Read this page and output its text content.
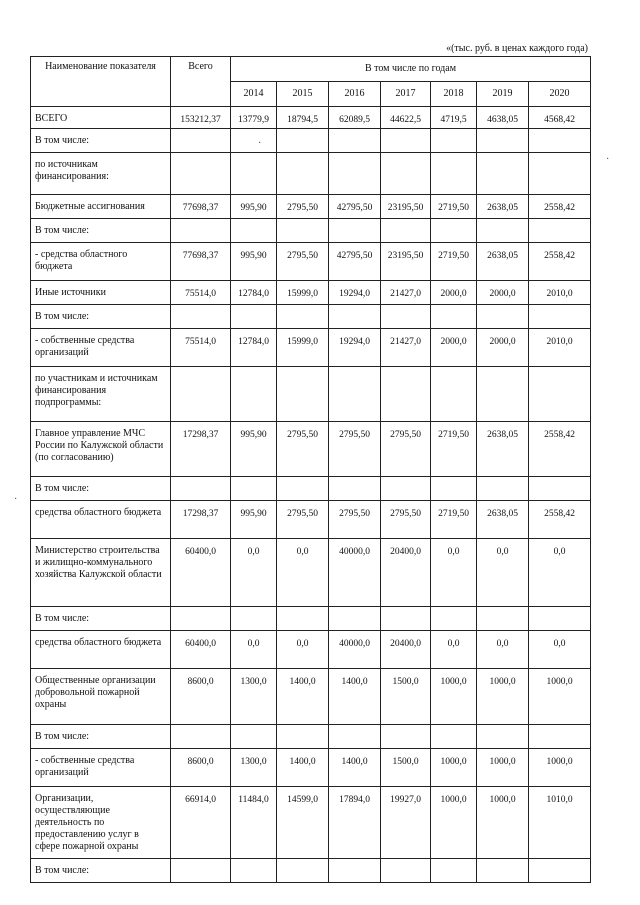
«(тыс. руб. в ценах каждого года)
Наименование показателя	Всего	В том числе по годам						
		2014	2015	2016	2017	2018	2019	2020
ВСЕГО	153212,37	13779,9	18794,5	62089,5	44622,5	4719,5	4638,05	4568,42
В том числе:								
по источникам финансирования:								
Бюджетные ассигнования	77698,37	995,90	2795,50	42795,50	23195,50	2719,50	2638,05	2558,42
В том числе:								
- средства областного бюджета	77698,37	995,90	2795,50	42795,50	23195,50	2719,50	2638,05	2558,42
Иные источники	75514,0	12784,0	15999,0	19294,0	21427,0	2000,0	2000,0	2010,0
В том числе:								
- собственные средства организаций	75514,0	12784,0	15999,0	19294,0	21427,0	2000,0	2000,0	2010,0
по участникам и источникам финансирования подпрограммы:								
Главное управление МЧС России по Калужской области (по согласованию)	17298,37	995,90	2795,50	2795,50	2795,50	2719,50	2638,05	2558,42
В том числе:								
средства областного бюджета	17298,37	995,90	2795,50	2795,50	2795,50	2719,50	2638,05	2558,42
Министерство строительства и жилищно-коммунального хозяйства Калужской области	60400,0	0,0	0,0	40000,0	20400,0	0,0	0,0	0,0
В том числе:								
средства областного бюджета	60400,0	0,0	0,0	40000,0	20400,0	0,0	0,0	0,0
Общественные организации добровольной пожарной охраны	8600,0	1300,0	1400,0	1400,0	1500,0	1000,0	1000,0	1000,0
В том числе:								
- собственные средства организаций	8600,0	1300,0	1400,0	1400,0	1500,0	1000,0	1000,0	1000,0
Организации, осуществляющие деятельность по предоставлению услуг в сфере пожарной охраны	66914,0	11484,0	14599,0	17894,0	19927,0	1000,0	1000,0	1010,0
В том числе:								
·
·
·
